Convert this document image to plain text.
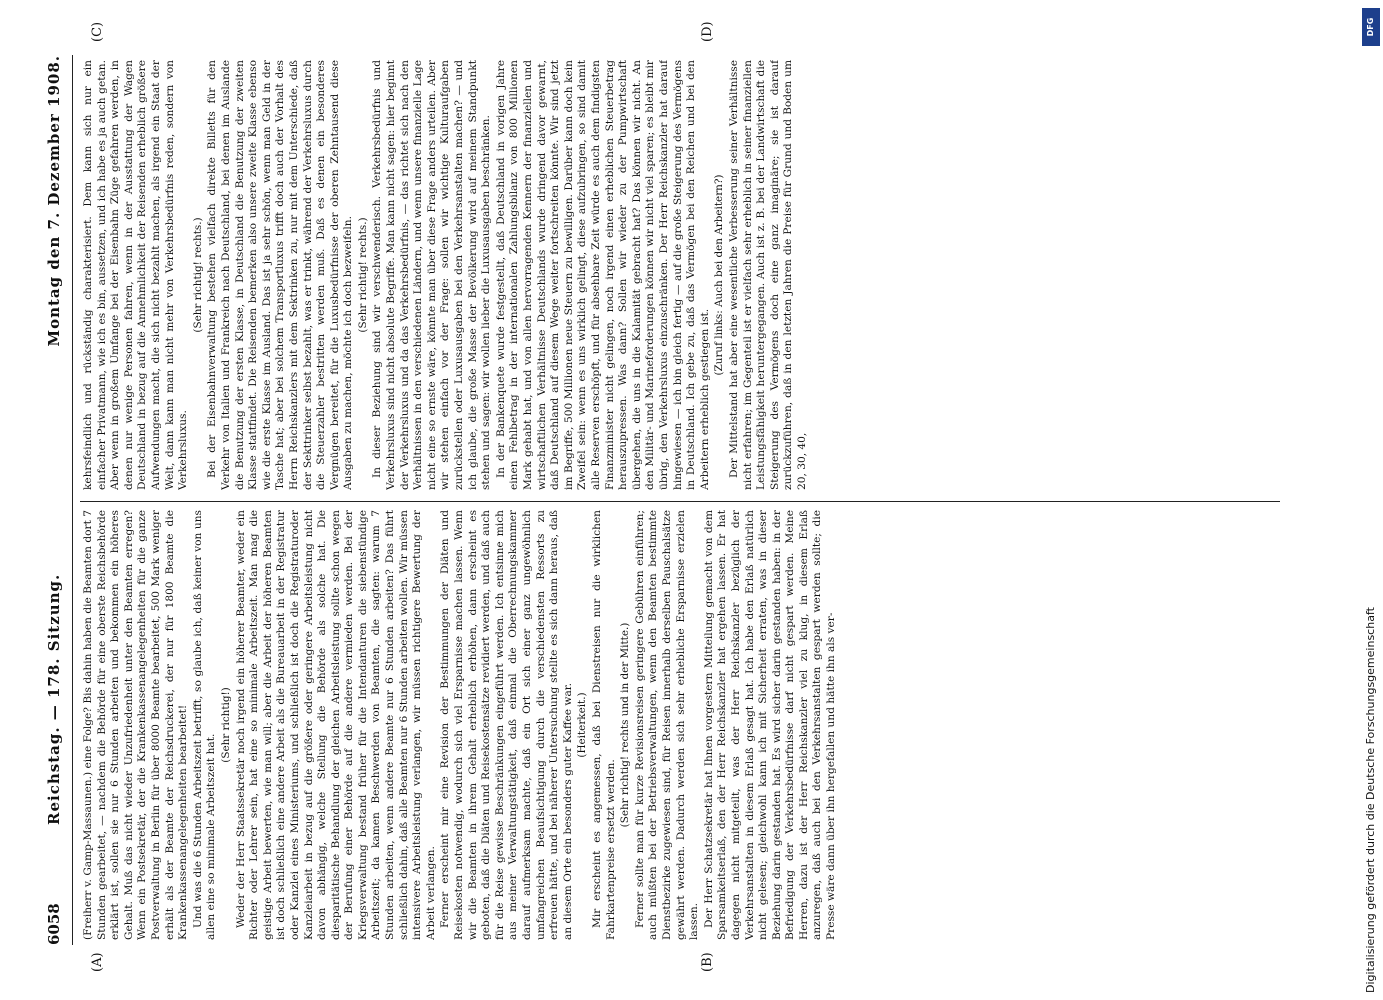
6058
Reichstag. — 178. Sitzung.
Montag den 7. Dezember 1908.
(A)	(B)
(C)	(D)

(Freiherr v. Gamp-Massaunen.) eine Folge? Bis dahin haben die Beamten dort 7 Stunden gearbeitet, — nachdem die Behörde für eine oberste Reichsbehörde erklärt ist, sollen sie nur 6 Stunden arbeiten und bekommen ein höheres Gehalt. Muß das nicht wieder Unzufriedenheit unter den Beamten erregen? Wenn ein Postsekretär, der die Krankenkassenangelegenheiten für die ganze Postverwaltung in Berlin für über 8000 Beamte bearbeitet, 500 Mark weniger erhält als der Beamte der Reichsdruckerei, der nur für 1800 Beamte die Krankenkassenangelegenheiten bearbeitet! Und was die 6 Stunden Arbeitszeit betrifft, so glaube ich, daß keiner von uns allen eine so minimale Arbeitszeit hat.

(Sehr richtig!) Weder der Herr Staatssekretär noch irgend ein höherer Beamter, weder ein Richter oder Lehrer sein, hat eine so minimale Arbeitszeit. Man mag die geistige Arbeit bewerten, wie man will; aber die Arbeit der höheren Beamten ist doch schließlich eine andere Arbeit als die Bureauarbeit in der Registratur oder Kanzlei eines Ministeriums, und schließlich ist doch die Registraturoder Kanzleiarbeit in bezug auf die größere oder geringere Arbeitsleistung nicht davon abhängig, welche Stellung die Behörde als solche hat. Die diesparitätische Behandlung der gleichen Arbeitsleistung sollte schon wegen der Berufung einer Behörde auf die andere vermieden werden. Bei der Kriegsverwaltung bestand früher für die Intendanturen die siebenstündige Arbeitszeit; da kamen Beschwerden von Beamten, die sagten: warum 7 Stunden arbeiten, wenn andere Beamte nur 6 Stunden arbeiten? Das führt schließlich dahin, daß alle Beamten nur 6 Stunden arbeiten wollen. Wir müssen intensivere Arbeitsleistung verlangen, wir müssen richtigere Bewertung der Arbeit verlangen. Ferner erscheint mir eine Revision der Bestimmungen der Diäten und Reisekosten notwendig, wodurch sich viel Ersparnisse machen lassen. Wenn wir die Beamten in ihrem Gehalt erheblich erhöhen, dann erscheint es geboten, daß die Diäten und Reisekostensätze revidiert werden, und daß auch für die Reise gewisse Beschränkungen eingeführt werden. Ich entsinne mich aus meiner Verwaltungstätigkeit, daß einmal die Oberrechnungskammer darauf aufmerksam machte, daß ein Ort sich einer ganz ungewöhnlich umfangreichen Beaufsichtigung durch die verschiedensten Ressorts zu erfreuen hätte, und bei näherer Untersuchung stellte es sich dann heraus, daß an diesem Orte ein besonders guter Kaffee war. (Heiterkeit.) Mir erscheint es angemessen, daß bei Dienstreisen nur die wirklichen Fahrkartenpreise ersetzt werden.

(Sehr richtig! rechts und in der Mitte.) Ferner sollte man für kurze Revisionsreisen geringere Gebühren einführen; auch müßten bei der Betriebsverwaltungen, wenn den Beamten bestimmte Dienstbezirke zugewiesen sind, für Reisen innerhalb derselben Pauschalsätze gewährt werden. Dadurch werden sich sehr erhebliche Ersparnisse erzielen lassen. Der Herr Schatzsekretär hat Ihnen vorgestern Mitteilung gemacht von dem Sparsamkeitserlaß, den der Herr Reichskanzler hat ergehen lassen. Er hat dagegen nicht mitgeteilt, was der Herr Reichskanzler bezüglich der Verkehrsanstalten in diesem Erlaß gesagt hat. Ich habe den Erlaß natürlich nicht gelesen; gleichwohl kann ich mit Sicherheit erraten, was in dieser Beziehung darin gestanden hat. Es wird sicher darin gestanden haben: in der Befriedigung der Verkehrsbedürfnisse darf nicht gespart werden. Meine Herren, dazu ist der Herr Reichskanzler viel zu klug, in diesem Erlaß anzuregen, daß auch bei den Verkehrsanstalten gespart werden sollte; die Presse wäre dann über ihn hergefallen und hätte ihn als ver-

kehrsfeindlich und rückständig charakterisiert. Dem kann sich nur ein einfacher Privatmann, wie ich es bin, aussetzen, und ich habe es ja auch getan. Aber wenn in großem Umfange bei der Eisenbahn Züge gefahren werden, in denen nur wenige Personen fahren, wenn in der Ausstattung der Wagen Deutschland in bezug auf die Annehmlichkeit der Reisenden erheblich größere Aufwendungen macht, die sich nicht bezahlt machen, als irgend ein Staat der Welt, dann kann man nicht mehr von Verkehrsbedürfnis reden, sondern von Verkehrsluxus.

(Sehr richtig! rechts.) Bei der Eisenbahnverwaltung bestehen vielfach direkte Billetts für den Verkehr von Italien und Frankreich nach Deutschland, bei denen im Auslande die Benutzung der ersten Klasse, in Deutschland die Benutzung der zweiten Klasse stattfindet. Die Reisenden bemerken also unsere zweite Klasse ebenso wie die erste Klasse im Ausland. Das ist ja sehr schön, wenn man Geld in der Tasche hat; aber bei solchem Transportluxus trifft doch auch der Vorhalt des Herrn Reichskanzlers mit dem Sektrinken zu, nur mit dem Unterschiede, daß der Sekttrinker selbst bezahlt, was er trinkt, während der Verkehrsluxus durch die Steuerzahler bestritten werden muß. Daß es denen ein besonderes Vergnügen bereitet, für die Luxusbedürfnisse der oberen Zehntausend diese Ausgaben zu machen, möchte ich doch bezweifeln. (Sehr richtig! rechts.) In dieser Beziehung sind wir verschwenderisch. Verkehrsbedürfnis und Verkehrsluxus sind nicht absolute Begriffe. Man kann nicht sagen: hier beginnt der Verkehrsluxus und da das Verkehrsbedürfnis, — das richtet sich nach den Verhältnissen in den verschiedenen Ländern, und wenn unsere finanzielle Lage nicht eine so ernste wäre, könnte man über diese Frage anders urteilen. Aber wir stehen einfach vor der Frage: sollen wir wichtige Kulturaufgaben zurückstellen oder Luxusausgaben bei den Verkehrsanstalten machen? — und ich glaube, die große Masse der Bevölkerung wird auf meinem Standpunkt stehen und sagen: wir wollen lieber die Luxusausgaben beschränken. In der Bankenquete wurde festgestellt, daß Deutschland in vorigen Jahre einen Fehlbetrag in der internationalen Zahlungsbilanz von 800 Millionen Mark gehabt hat, und von allen hervorragenden Kennern der finanziellen und wirtschaftlichen Verhältnisse Deutschlands wurde dringend davor gewarnt, daß Deutschland auf diesem Wege weiter fortschreiten könnte. Wir sind jetzt im Begriffe, 500 Millionen neue Steuern zu bewilligen. Darüber kann doch kein Zweifel sein: wenn es uns wirklich gelingt, diese aufzubringen, so sind damit alle Reserven erschöpft, und für absehbare Zeit würde es auch dem findigsten Finanzminister nicht gelingen, noch irgend einen erheblichen Steuerbetrag herauszupressen. Was dann? Sollen wir wieder zu der Pumpwirtschaft übergehen, die uns in die Kalamität gebracht hat? Das können wir nicht. An den Militär- und Marineforderungen können wir nicht viel sparen; es bleibt mir übrig, den Verkehrsluxus einzuschränken. Der Herr Reichskanzler hat darauf hingewiesen — ich bin gleich fertig — auf die große Steigerung des Vermögens in Deutschland. Ich gebe zu, daß das Vermögen bei den Reichen und bei den Arbeitern erheblich gestiegen ist.

(Zuruf links: Auch bei den Arbeitern?) Der Mittelstand hat aber eine wesentliche Verbesserung seiner Verhältnisse nicht erfahren; im Gegenteil ist er vielfach sehr erheblich in seiner finanziellen Leistungsfähigkeit heruntergegangen. Auch ist z. B. bei der Landwirtschaft die Steigerung des Vermögens doch eine ganz imaginäre; sie ist darauf zurückzuführen, daß in den letzten Jahren die Preise für Grund und Boden um 20, 30, 40,

DFG
Digitalisierung gefördert durch die Deutsche Forschungsgemeinschaft
